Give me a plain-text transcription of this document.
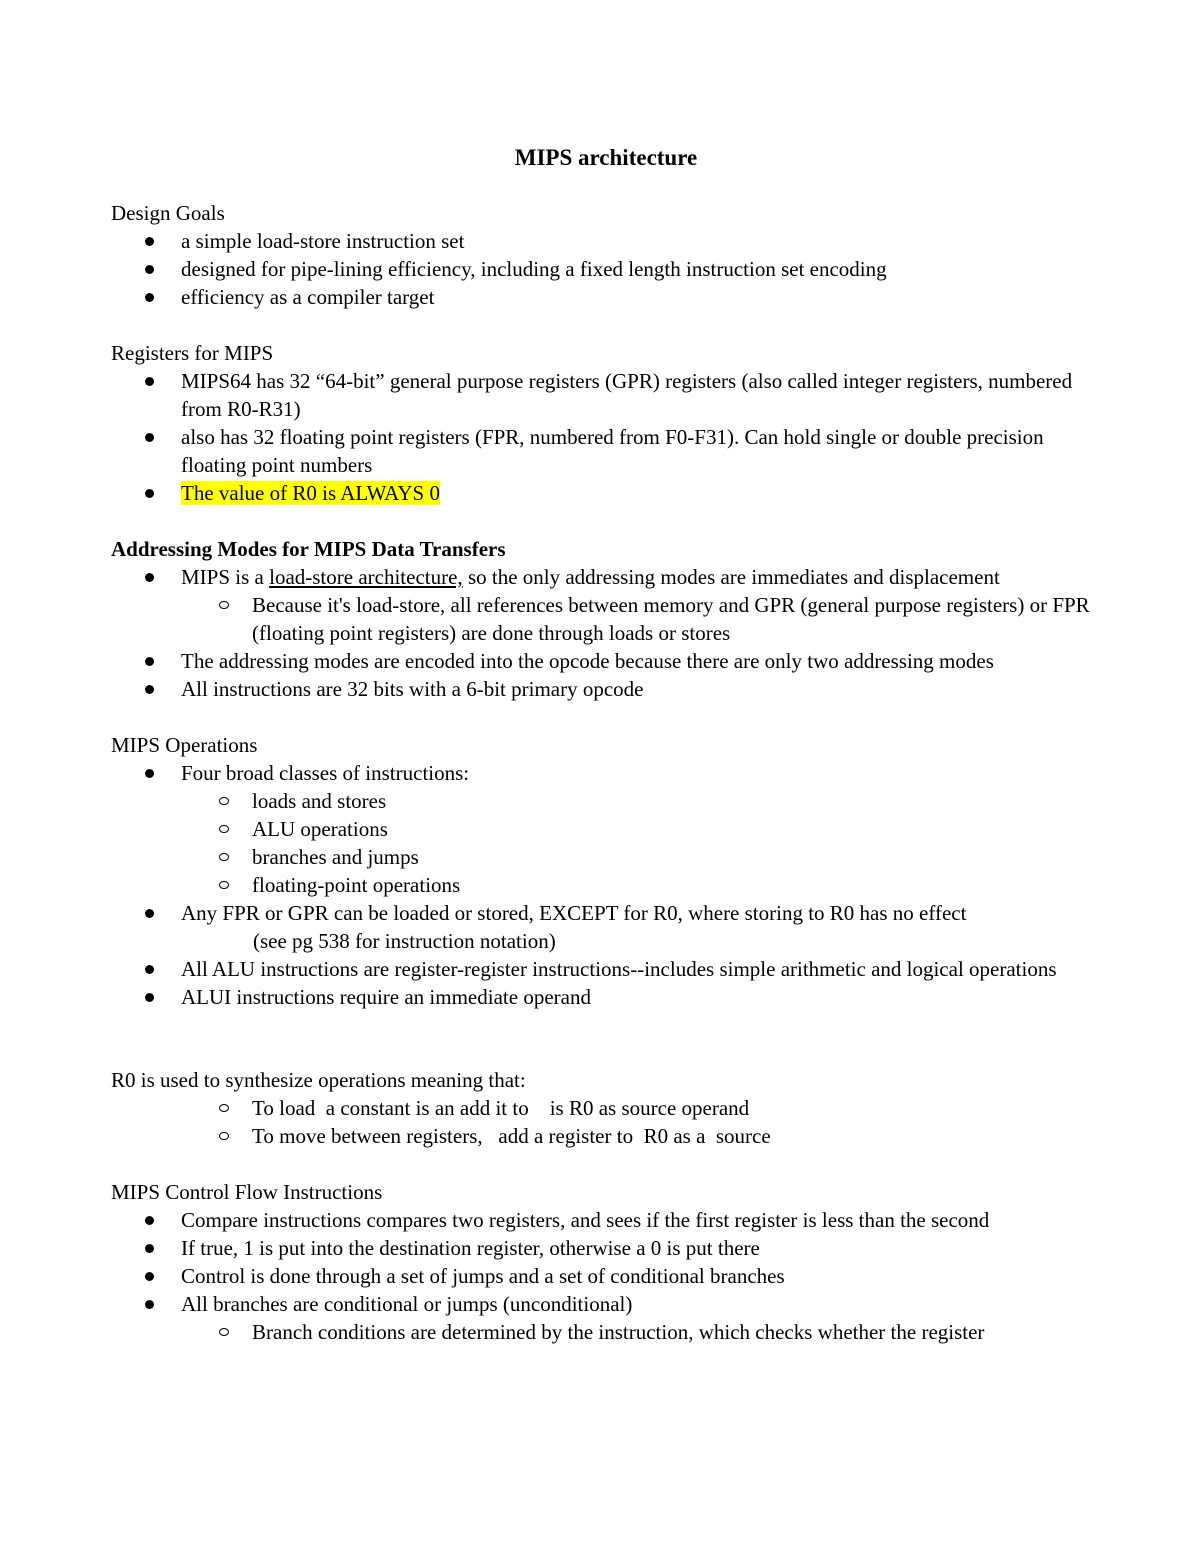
MIPS architecture
Design Goals
a simple load-store instruction set
designed for pipe-lining efficiency, including a fixed length instruction set encoding
efficiency as a compiler target
Registers for MIPS
MIPS64 has 32 “64-bit” general purpose registers (GPR) registers (also called integer registers, numbered from R0-R31)
also has 32 floating point registers (FPR, numbered from F0-F31). Can hold single or double precision floating point numbers
The value of R0 is ALWAYS 0
Addressing Modes for MIPS Data Transfers
MIPS is a load-store architecture, so the only addressing modes are immediates and displacement
Because it's load-store, all references between memory and GPR (general purpose registers) or FPR (floating point registers) are done through loads or stores
The addressing modes are encoded into the opcode because there are only two addressing modes
All instructions are 32 bits with a 6-bit primary opcode
MIPS Operations
Four broad classes of instructions:
loads and stores
ALU operations
branches and jumps
floating-point operations
Any FPR or GPR can be loaded or stored, EXCEPT for R0, where storing to R0 has no effect
(see pg 538 for instruction notation)
All ALU instructions are register-register instructions--includes simple arithmetic and logical operations
ALUI instructions require an immediate operand
R0 is used to synthesize operations meaning that:
To load  a constant is an add it to    is R0 as source operand
To move between registers,   add a register to  R0 as a  source
MIPS Control Flow Instructions
Compare instructions compares two registers, and sees if the first register is less than the second
If true, 1 is put into the destination register, otherwise a 0 is put there
Control is done through a set of jumps and a set of conditional branches
All branches are conditional or jumps (unconditional)
Branch conditions are determined by the instruction, which checks whether the register
